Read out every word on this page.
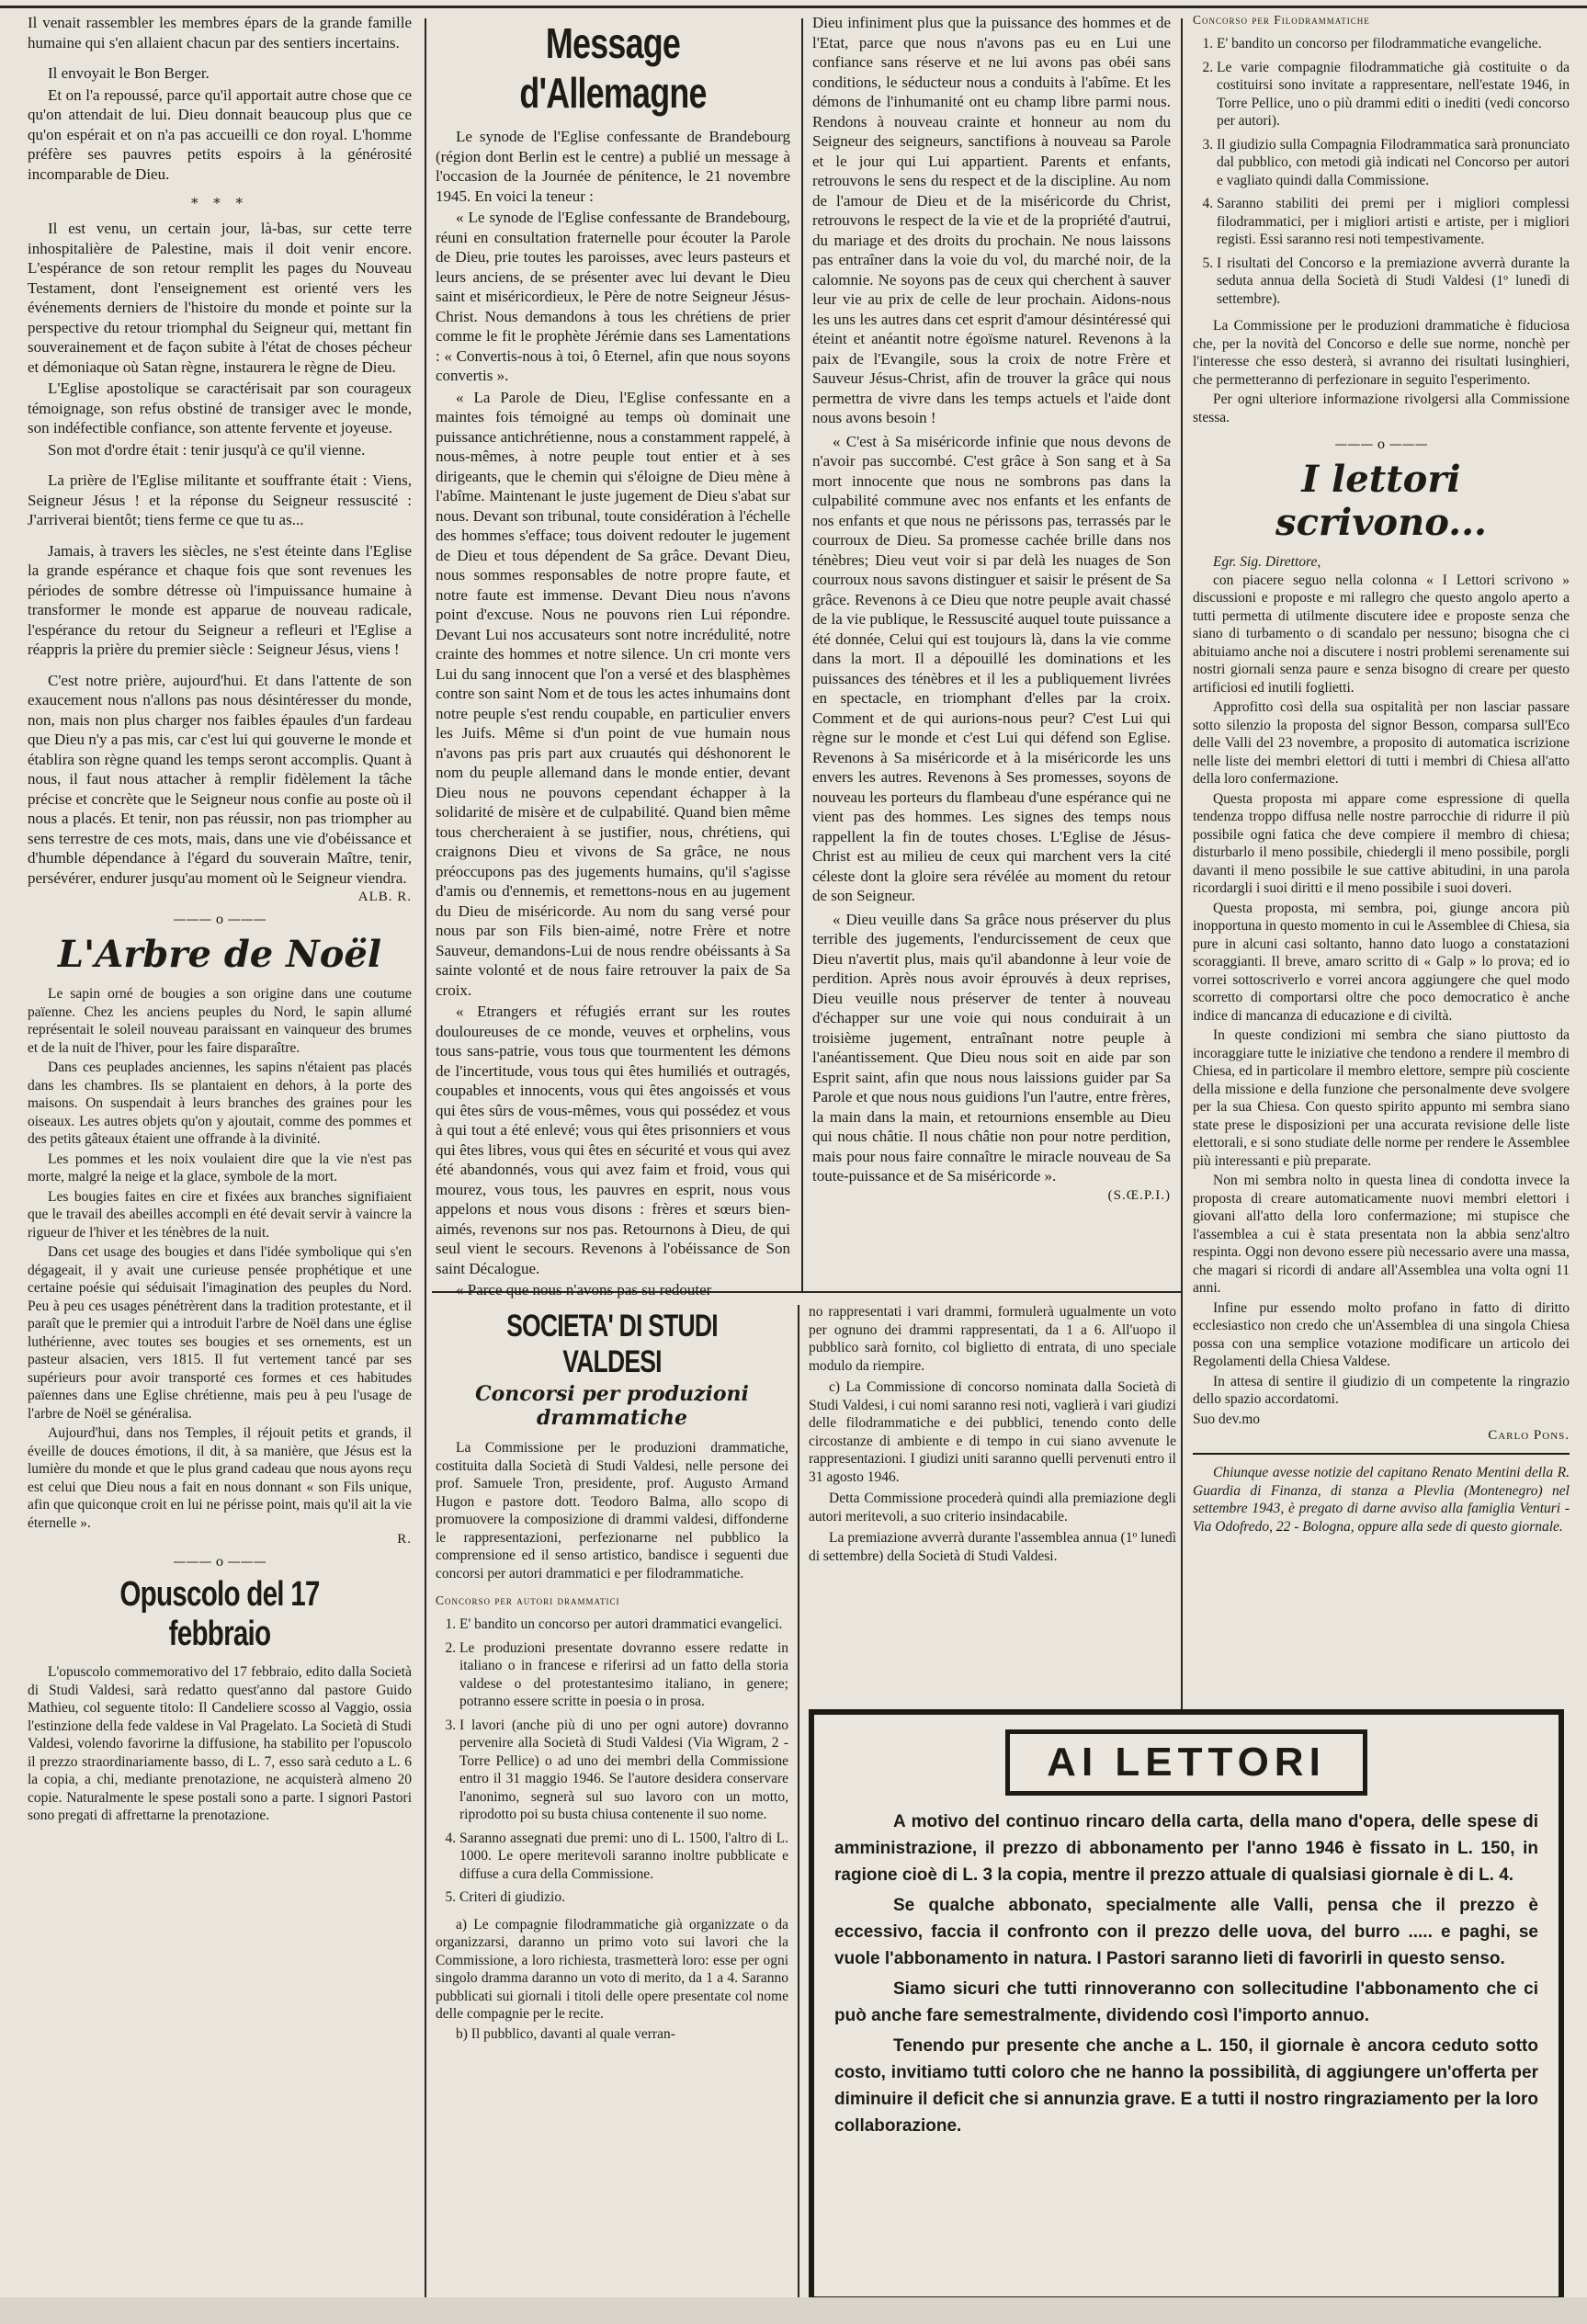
Il venait rassembler les membres épars de la grande famille humaine qui s'en allaient chacun par des sentiers incertains.

Il envoyait le Bon Berger.

Et on l'a repoussé, parce qu'il apportait autre chose que ce qu'on attendait de lui. Dieu donnait beaucoup plus que ce qu'on espérait et on n'a pas accueilli ce don royal. L'homme préfère ses pauvres petits espoirs à la générosité incomparable de Dieu.

* * *

Il est venu, un certain jour, là-bas, sur cette terre inhospitalière de Palestine, mais il doit venir encore. L'espérance de son retour remplit les pages du Nouveau Testament, dont l'enseignement est orienté vers les événements derniers de l'histoire du monde et pointe sur la perspective du retour triomphal du Seigneur qui, mettant fin souverainement et de façon subite à l'état de choses pécheur et démoniaque où Satan règne, instaurera le règne de Dieu.

L'Eglise apostolique se caractérisait par son courageux témoignage, son refus obstiné de transiger avec le monde, son indéfectible confiance, son attente fervente et joyeuse.

Son mot d'ordre était : tenir jusqu'à ce qu'il vienne.

La prière de l'Eglise militante et souffrante était : Viens, Seigneur Jésus ! et la réponse du Seigneur ressuscité : J'arriverai bientôt; tiens ferme ce que tu as...

Jamais, à travers les siècles, ne s'est éteinte dans l'Eglise la grande espérance et chaque fois que sont revenues les périodes de sombre détresse où l'impuissance humaine à transformer le monde est apparue de nouveau radicale, l'espérance du retour du Seigneur a refleuri et l'Eglise a réappris la prière du premier siècle : Seigneur Jésus, viens !

C'est notre prière, aujourd'hui. Et dans l'attente de son exaucement nous n'allons pas nous désintéresser du monde, non, mais non plus charger nos faibles épaules d'un fardeau que Dieu n'y a pas mis, car c'est lui qui gouverne le monde et établira son règne quand les temps seront accomplis. Quant à nous, il faut nous attacher à remplir fidèlement la tâche précise et concrète que le Seigneur nous confie au poste où il nous a placés. Et tenir, non pas réussir, non pas triompher au sens terrestre de ces mots, mais, dans une vie d'obéissance et d'humble dépendance à l'égard du souverain Maître, tenir, persévérer, endurer jusqu'au moment où le Seigneur viendra.

ALB. R.
——— o ———
L'Arbre de Noël

Le sapin orné de bougies a son origine dans une coutume païenne. Chez les anciens peuples du Nord, le sapin allumé représentait le soleil nouveau paraissant en vainqueur des brumes et de la nuit de l'hiver, pour les faire disparaître.

Dans ces peuplades anciennes, les sapins n'étaient pas placés dans les chambres. Ils se plantaient en dehors, à la porte des maisons. On suspendait à leurs branches des graines pour les oiseaux. Les autres objets qu'on y ajoutait, comme des pommes et des petits gâteaux étaient une offrande à la divinité.

Les pommes et les noix voulaient dire que la vie n'est pas morte, malgré la neige et la glace, symbole de la mort.

Les bougies faites en cire et fixées aux branches signifiaient que le travail des abeilles accompli en été devait servir à vaincre la rigueur de l'hiver et les ténèbres de la nuit.

Dans cet usage des bougies et dans l'idée symbolique qui s'en dégageait, il y avait une curieuse pensée prophétique et une certaine poésie qui séduisait l'imagination des peuples du Nord. Peu à peu ces usages pénétrèrent dans la tradition protestante, et il paraît que le premier qui a introduit l'arbre de Noël dans une église luthérienne, avec toutes ses bougies et ses ornements, est un pasteur alsacien, vers 1815. Il fut vertement tancé par ses supérieurs pour avoir transporté ces formes et ces habitudes païennes dans une Eglise chrétienne, mais peu à peu l'usage de l'arbre de Noël se généralisa.

Aujourd'hui, dans nos Temples, il réjouit petits et grands, il éveille de douces émotions, il dit, à sa manière, que Jésus est la lumière du monde et que le plus grand cadeau que nous ayons reçu est celui que Dieu nous a fait en nous donnant « son Fils unique, afin que quiconque croit en lui ne périsse point, mais qu'il ait la vie éternelle ».

R.
——— o ———
Opuscolo del 17 febbraio

L'opuscolo commemorativo del 17 febbraio, edito dalla Società di Studi Valdesi, sarà redatto quest'anno dal pastore Guido Mathieu, col seguente titolo: Il Candeliere scosso al Vaggio, ossia l'estinzione della fede valdese in Val Pragelato. La Società di Studi Valdesi, volendo favorirne la diffusione, ha stabilito per l'opuscolo il prezzo straordinariamente basso, di L. 7, esso sarà ceduto a L. 6 la copia, a chi, mediante prenotazione, ne acquisterà almeno 20 copie. Naturalmente le spese postali sono a parte. I signori Pastori sono pregati di affrettarne la prenotazione.

Message d'Allemagne

Le synode de l'Eglise confessante de Brandebourg (région dont Berlin est le centre) a publié un message à l'occasion de la Journée de pénitence, le 21 novembre 1945. En voici la teneur :

« Le synode de l'Eglise confessante de Brandebourg, réuni en consultation fraternelle pour écouter la Parole de Dieu, prie toutes les paroisses, avec leurs pasteurs et leurs anciens, de se présenter avec lui devant le Dieu saint et miséricordieux, le Père de notre Seigneur Jésus-Christ. Nous demandons à tous les chrétiens de prier comme le fit le prophète Jérémie dans ses Lamentations : « Convertis-nous à toi, ô Eternel, afin que nous soyons convertis ».

« La Parole de Dieu, l'Eglise confessante en a maintes fois témoigné au temps où dominait une puissance antichrétienne, nous a constamment rappelé, à nous-mêmes, à notre peuple tout entier et à ses dirigeants, que le chemin qui s'éloigne de Dieu mène à l'abîme. Maintenant le juste jugement de Dieu s'abat sur nous. Devant son tribunal, toute considération à l'échelle des hommes s'efface; tous doivent redouter le jugement de Dieu et tous dépendent de Sa grâce. Devant Dieu, nous sommes responsables de notre propre faute, et notre faute est immense. Devant Dieu nous n'avons point d'excuse. Nous ne pouvons rien Lui répondre. Devant Lui nos accusateurs sont notre incrédulité, notre crainte des hommes et notre silence. Un cri monte vers Lui du sang innocent que l'on a versé et des blasphèmes contre son saint Nom et de tous les actes inhumains dont notre peuple s'est rendu coupable, en particulier envers les Juifs. Même si d'un point de vue humain nous n'avons pas pris part aux cruautés qui déshonorent le nom du peuple allemand dans le monde entier, devant Dieu nous ne pouvons cependant échapper à la solidarité de misère et de culpabilité. Quand bien même tous chercheraient à se justifier, nous, chrétiens, qui craignons Dieu et vivons de Sa grâce, ne nous préoccupons pas des jugements humains, qu'il s'agisse d'amis ou d'ennemis, et remettons-nous en au jugement du Dieu de miséricorde. Au nom du sang versé pour nous par son Fils bien-aimé, notre Frère et notre Sauveur, demandons-Lui de nous rendre obéissants à Sa sainte volonté et de nous faire retrouver la paix de Sa croix.

« Etrangers et réfugiés errant sur les routes douloureuses de ce monde, veuves et orphelins, vous tous sans-patrie, vous tous que tourmentent les démons de l'incertitude, vous tous qui êtes humiliés et outragés, coupables et innocents, vous qui êtes angoissés et vous qui êtes sûrs de vous-mêmes, vous qui possédez et vous à qui tout a été enlevé; vous qui êtes prisonniers et vous qui êtes libres, vous qui êtes en sécurité et vous qui avez été abandonnés, vous qui avez faim et froid, vous qui mourez, vous tous, les pauvres en esprit, nous vous appelons et nous vous disons : frères et sœurs bien-aimés, revenons sur nos pas. Retournons à Dieu, de qui seul vient le secours. Revenons à l'obéissance de Son saint Décalogue.

« Parce que nous n'avons pas su redouter

Dieu infiniment plus que la puissance des hommes et de l'Etat, parce que nous n'avons pas eu en Lui une confiance sans réserve et ne lui avons pas obéi sans conditions, le séducteur nous a conduits à l'abîme. Et les démons de l'inhumanité ont eu champ libre parmi nous. Rendons à nouveau crainte et honneur au nom du Seigneur des seigneurs, sanctifions à nouveau sa Parole et le jour qui Lui appartient. Parents et enfants, retrouvons le sens du respect et de la discipline. Au nom de l'amour de Dieu et de la miséricorde du Christ, retrouvons le respect de la vie et de la propriété d'autrui, du mariage et des droits du prochain. Ne nous laissons pas entraîner dans la voie du vol, du marché noir, de la calomnie. Ne soyons pas de ceux qui cherchent à sauver leur vie au prix de celle de leur prochain. Aidons-nous les uns les autres dans cet esprit d'amour désintéressé qui éteint et anéantit notre égoïsme naturel. Revenons à la paix de l'Evangile, sous la croix de notre Frère et Sauveur Jésus-Christ, afin de trouver la grâce qui nous permettra de vivre dans les temps actuels et l'aide dont nous avons besoin !

« C'est à Sa miséricorde infinie que nous devons de n'avoir pas succombé. C'est grâce à Son sang et à Sa mort innocente que nous ne sombrons pas dans la culpabilité commune avec nos enfants et les enfants de nos enfants et que nous ne périssons pas, terrassés par le courroux de Dieu. Sa promesse cachée brille dans nos ténèbres; Dieu veut voir si par delà les nuages de Son courroux nous savons distinguer et saisir le présent de Sa grâce. Revenons à ce Dieu que notre peuple avait chassé de la vie publique, le Ressuscité auquel toute puissance a été donnée, Celui qui est toujours là, dans la vie comme dans la mort. Il a dépouillé les dominations et les puissances des ténèbres et il les a publiquement livrées en spectacle, en triomphant d'elles par la croix. Comment et de qui aurions-nous peur? C'est Lui qui règne sur le monde et c'est Lui qui défend son Eglise. Revenons à Sa miséricorde et à la miséricorde les uns envers les autres. Revenons à Ses promesses, soyons de nouveau les porteurs du flambeau d'une espérance qui ne vient pas des hommes. Les signes des temps nous rappellent la fin de toutes choses. L'Eglise de Jésus-Christ est au milieu de ceux qui marchent vers la cité céleste dont la gloire sera révélée au moment du retour de son Seigneur.

« Dieu veuille dans Sa grâce nous préserver du plus terrible des jugements, l'endurcissement de ceux que Dieu n'avertit plus, mais qu'il abandonne à leur voie de perdition. Après nous avoir éprouvés à deux reprises, Dieu veuille nous préserver de tenter à nouveau d'échapper sur une voie qui nous conduirait à un troisième jugement, entraînant notre peuple à l'anéantissement. Que Dieu nous soit en aide par son Esprit saint, afin que nous nous laissions guider par Sa Parole et que nous nous guidions l'un l'autre, entre frères, la main dans la main, et retournions ensemble au Dieu qui nous châtie. Il nous châtie non pour notre perdition, mais pour nous faire connaître le miracle nouveau de Sa toute-puissance et de Sa miséricorde ».

(S.Œ.P.I.)
Concorso per Filodrammatiche
1. E' bandito un concorso per filodrammatiche evangeliche.
2. Le varie compagnie filodrammatiche già costituite o da costituirsi sono invitate a rappresentare, nell'estate 1946, in Torre Pellice, uno o più drammi editi o inediti (vedi concorso per autori).
3. Il giudizio sulla Compagnia Filodrammatica sarà pronunciato dal pubblico, con metodi già indicati nel Concorso per autori e vagliato quindi dalla Commissione.
4. Saranno stabiliti dei premi per i migliori complessi filodrammatici, per i migliori artisti e artiste, per i migliori registi. Essi saranno resi noti tempestivamente.
5. I risultati del Concorso e la premiazione avverrà durante la seduta annua della Società di Studi Valdesi (1º lunedì di settembre).

La Commissione per le produzioni drammatiche è fiduciosa che, per la novità del Concorso e delle sue norme, nonchè per l'interesse che esso desterà, si avranno dei risultati lusinghieri, che permetteranno di perfezionare in seguito l'esperimento.

Per ogni ulteriore informazione rivolgersi alla Commissione stessa.

——— o ———
I lettori scrivono...

Egr. Sig. Direttore,

con piacere seguo nella colonna « I Lettori scrivono » discussioni e proposte e mi rallegro che questo angolo aperto a tutti permetta di utilmente discutere idee e proposte senza che siano di turbamento o di scandalo per nessuno; bisogna che ci abituiamo anche noi a discutere i nostri problemi serenamente sui nostri giornali senza paure e senza bisogno di creare per questo artificiosi ed inutili foglietti.

Approfitto così della sua ospitalità per non lasciar passare sotto silenzio la proposta del signor Besson, comparsa sull'Eco delle Valli del 23 novembre, a proposito di automatica iscrizione nelle liste dei membri elettori di tutti i membri di Chiesa all'atto della loro confermazione.

Questa proposta mi appare come espressione di quella tendenza troppo diffusa nelle nostre parrocchie di ridurre il più possibile ogni fatica che deve compiere il membro di chiesa; disturbarlo il meno possibile, chiedergli il meno possibile, porgli davanti il meno possibile le sue cattive abitudini, in una parola ricordargli i suoi diritti e il meno possibile i suoi doveri.

Questa proposta, mi sembra, poi, giunge ancora più inopportuna in questo momento in cui le Assemblee di Chiesa, sia pure in alcuni casi soltanto, hanno dato luogo a constatazioni scoraggianti. Il breve, amaro scritto di « Galp » lo prova; ed io vorrei sottoscriverlo e vorrei ancora aggiungere che quel modo scorretto di comportarsi oltre che poco democratico è anche indice di mancanza di educazione e di civiltà.

In queste condizioni mi sembra che siano piuttosto da incoraggiare tutte le iniziative che tendono a rendere il membro di Chiesa, ed in particolare il membro elettore, sempre più cosciente della missione e della funzione che personalmente deve svolgere per la sua Chiesa. Con questo spirito appunto mi sembra siano state prese le disposizioni per una accurata revisione delle liste elettorali, e si sono studiate delle norme per rendere le Assemblee più interessanti e più preparate.

Non mi sembra nolto in questa linea di condotta invece la proposta di creare automaticamente nuovi membri elettori i giovani all'atto della loro confermazione; mi stupisce che l'assemblea a cui è stata presentata non la abbia senz'altro respinta. Oggi non devono essere più necessario avere una massa, che magari si ricordi di andare all'Assemblea una volta ogni 11 anni.

Infine pur essendo molto profano in fatto di diritto ecclesiastico non credo che un'Assemblea di una singola Chiesa possa con una semplice votazione modificare un articolo dei Regolamenti della Chiesa Valdese.

In attesa di sentire il giudizio di un competente la ringrazio dello spazio accordatomi.

Suo dev.mo

Carlo Pons.

Chiunque avesse notizie del capitano Renato Mentini della R. Guardia di Finanza, di stanza a Plevlia (Montenegro) nel settembre 1943, è pregato di darne avviso alla famiglia Venturi - Via Odofredo, 22 - Bologna, oppure alla sede di questo giornale.

SOCIETA' DI STUDI VALDESI
Concorsi per produzioni drammatiche

La Commissione per le produzioni drammatiche, costituita dalla Società di Studi Valdesi, nelle persone dei prof. Samuele Tron, presidente, prof. Augusto Armand Hugon e pastore dott. Teodoro Balma, allo scopo di promuovere la composizione di drammi valdesi, diffonderne le rappresentazioni, perfezionarne nel pubblico la comprensione ed il senso artistico, bandisce i seguenti due concorsi per autori drammatici e per filodrammatiche.

Concorso per autori drammatici
1. E' bandito un concorso per autori drammatici evangelici.
2. Le produzioni presentate dovranno essere redatte in italiano o in francese e riferirsi ad un fatto della storia valdese o del protestantesimo italiano, in genere; potranno essere scritte in poesia o in prosa.
3. I lavori (anche più di uno per ogni autore) dovranno pervenire alla Società di Studi Valdesi (Via Wigram, 2 - Torre Pellice) o ad uno dei membri della Commissione entro il 31 maggio 1946. Se l'autore desidera conservare l'anonimo, segnerà sul suo lavoro con un motto, riprodotto poi su busta chiusa contenente il suo nome.
4. Saranno assegnati due premi: uno di L. 1500, l'altro di L. 1000. Le opere meritevoli saranno inoltre pubblicate e diffuse a cura della Commissione.
5. Criteri di giudizio.

a) Le compagnie filodrammatiche già organizzate o da organizzarsi, daranno un primo voto sui lavori che la Commissione, a loro richiesta, trasmetterà loro: esse per ogni singolo dramma daranno un voto di merito, da 1 a 4. Saranno pubblicati sui giornali i titoli delle opere presentate col nome delle compagnie per le recite.

b) Il pubblico, davanti al quale verran-

no rappresentati i vari drammi, formulerà ugualmente un voto per ognuno dei drammi rappresentati, da 1 a 6. All'uopo il pubblico sarà fornito, col biglietto di entrata, di uno speciale modulo da riempire.

c) La Commissione di concorso nominata dalla Società di Studi Valdesi, i cui nomi saranno resi noti, vaglierà i vari giudizi delle filodrammatiche e dei pubblici, tenendo conto delle circostanze di ambiente e di tempo in cui siano avvenute le rappresentazioni. I giudizi uniti saranno quelli pervenuti entro il 31 agosto 1946.

Detta Commissione procederà quindi alla premiazione degli autori meritevoli, a suo criterio insindacabile.

La premiazione avverrà durante l'assemblea annua (1º lunedì di settembre) della Società di Studi Valdesi.

AI LETTORI

A motivo del continuo rincaro della carta, della mano d'opera, delle spese di amministrazione, il prezzo di abbonamento per l'anno 1946 è fissato in L. 150, in ragione cioè di L. 3 la copia, mentre il prezzo attuale di qualsiasi giornale è di L. 4.

Se qualche abbonato, specialmente alle Valli, pensa che il prezzo è eccessivo, faccia il confronto con il prezzo delle uova, del burro ..... e paghi, se vuole l'abbonamento in natura. I Pastori saranno lieti di favorirli in questo senso.

Siamo sicuri che tutti rinnoveranno con sollecitudine l'abbonamento che ci può anche fare semestralmente, dividendo così l'importo annuo.

Tenendo pur presente che anche a L. 150, il giornale è ancora ceduto sotto costo, invitiamo tutti coloro che ne hanno la possibilità, di aggiungere un'offerta per diminuire il deficit che si annunzia grave. E a tutti il nostro ringraziamento per la loro collaborazione.
